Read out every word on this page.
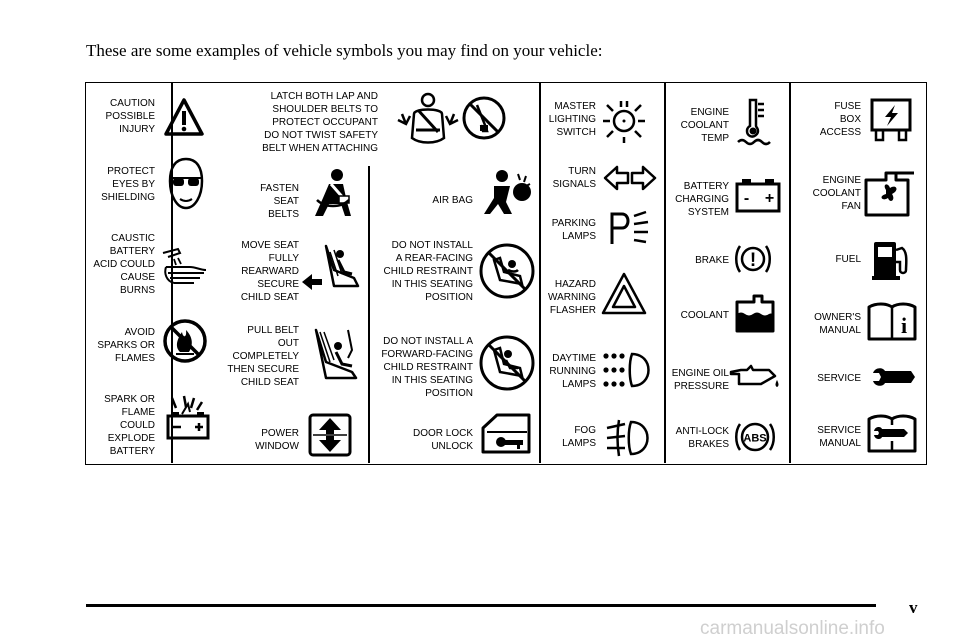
These are some examples of vehicle symbols you may find on your vehicle:
CAUTION
POSSIBLE
INJURY
PROTECT
EYES BY
SHIELDING
CAUSTIC
BATTERY
ACID COULD
CAUSE
BURNS
AVOID
SPARKS OR
FLAMES
SPARK OR
FLAME
COULD
EXPLODE
BATTERY
LATCH BOTH LAP AND
SHOULDER BELTS TO
PROTECT OCCUPANT
DO NOT TWIST SAFETY
BELT WHEN ATTACHING
FASTEN
SEAT
BELTS
MOVE SEAT
FULLY
REARWARD
SECURE
CHILD SEAT
PULL BELT
OUT
COMPLETELY
THEN SECURE
CHILD SEAT
POWER
WINDOW
AIR BAG
DO NOT INSTALL
A REAR-FACING
CHILD RESTRAINT
IN THIS SEATING
POSITION
DO NOT INSTALL A
FORWARD-FACING
CHILD RESTRAINT
IN THIS SEATING
POSITION
DOOR LOCK
UNLOCK
MASTER
LIGHTING
SWITCH
TURN
SIGNALS
PARKING
LAMPS
HAZARD
WARNING
FLASHER
DAYTIME
RUNNING
LAMPS
FOG
LAMPS
ENGINE
COOLANT
TEMP
BATTERY
CHARGING
SYSTEM
- +
BRAKE !
COOLANT
ENGINE OIL
PRESSURE
ANTI-LOCK
BRAKES ABS
FUSE
BOX
ACCESS
ENGINE
COOLANT
FAN
FUEL
OWNER'S
MANUAL i
SERVICE
SERVICE
MANUAL
v
carmanualsonline.info
